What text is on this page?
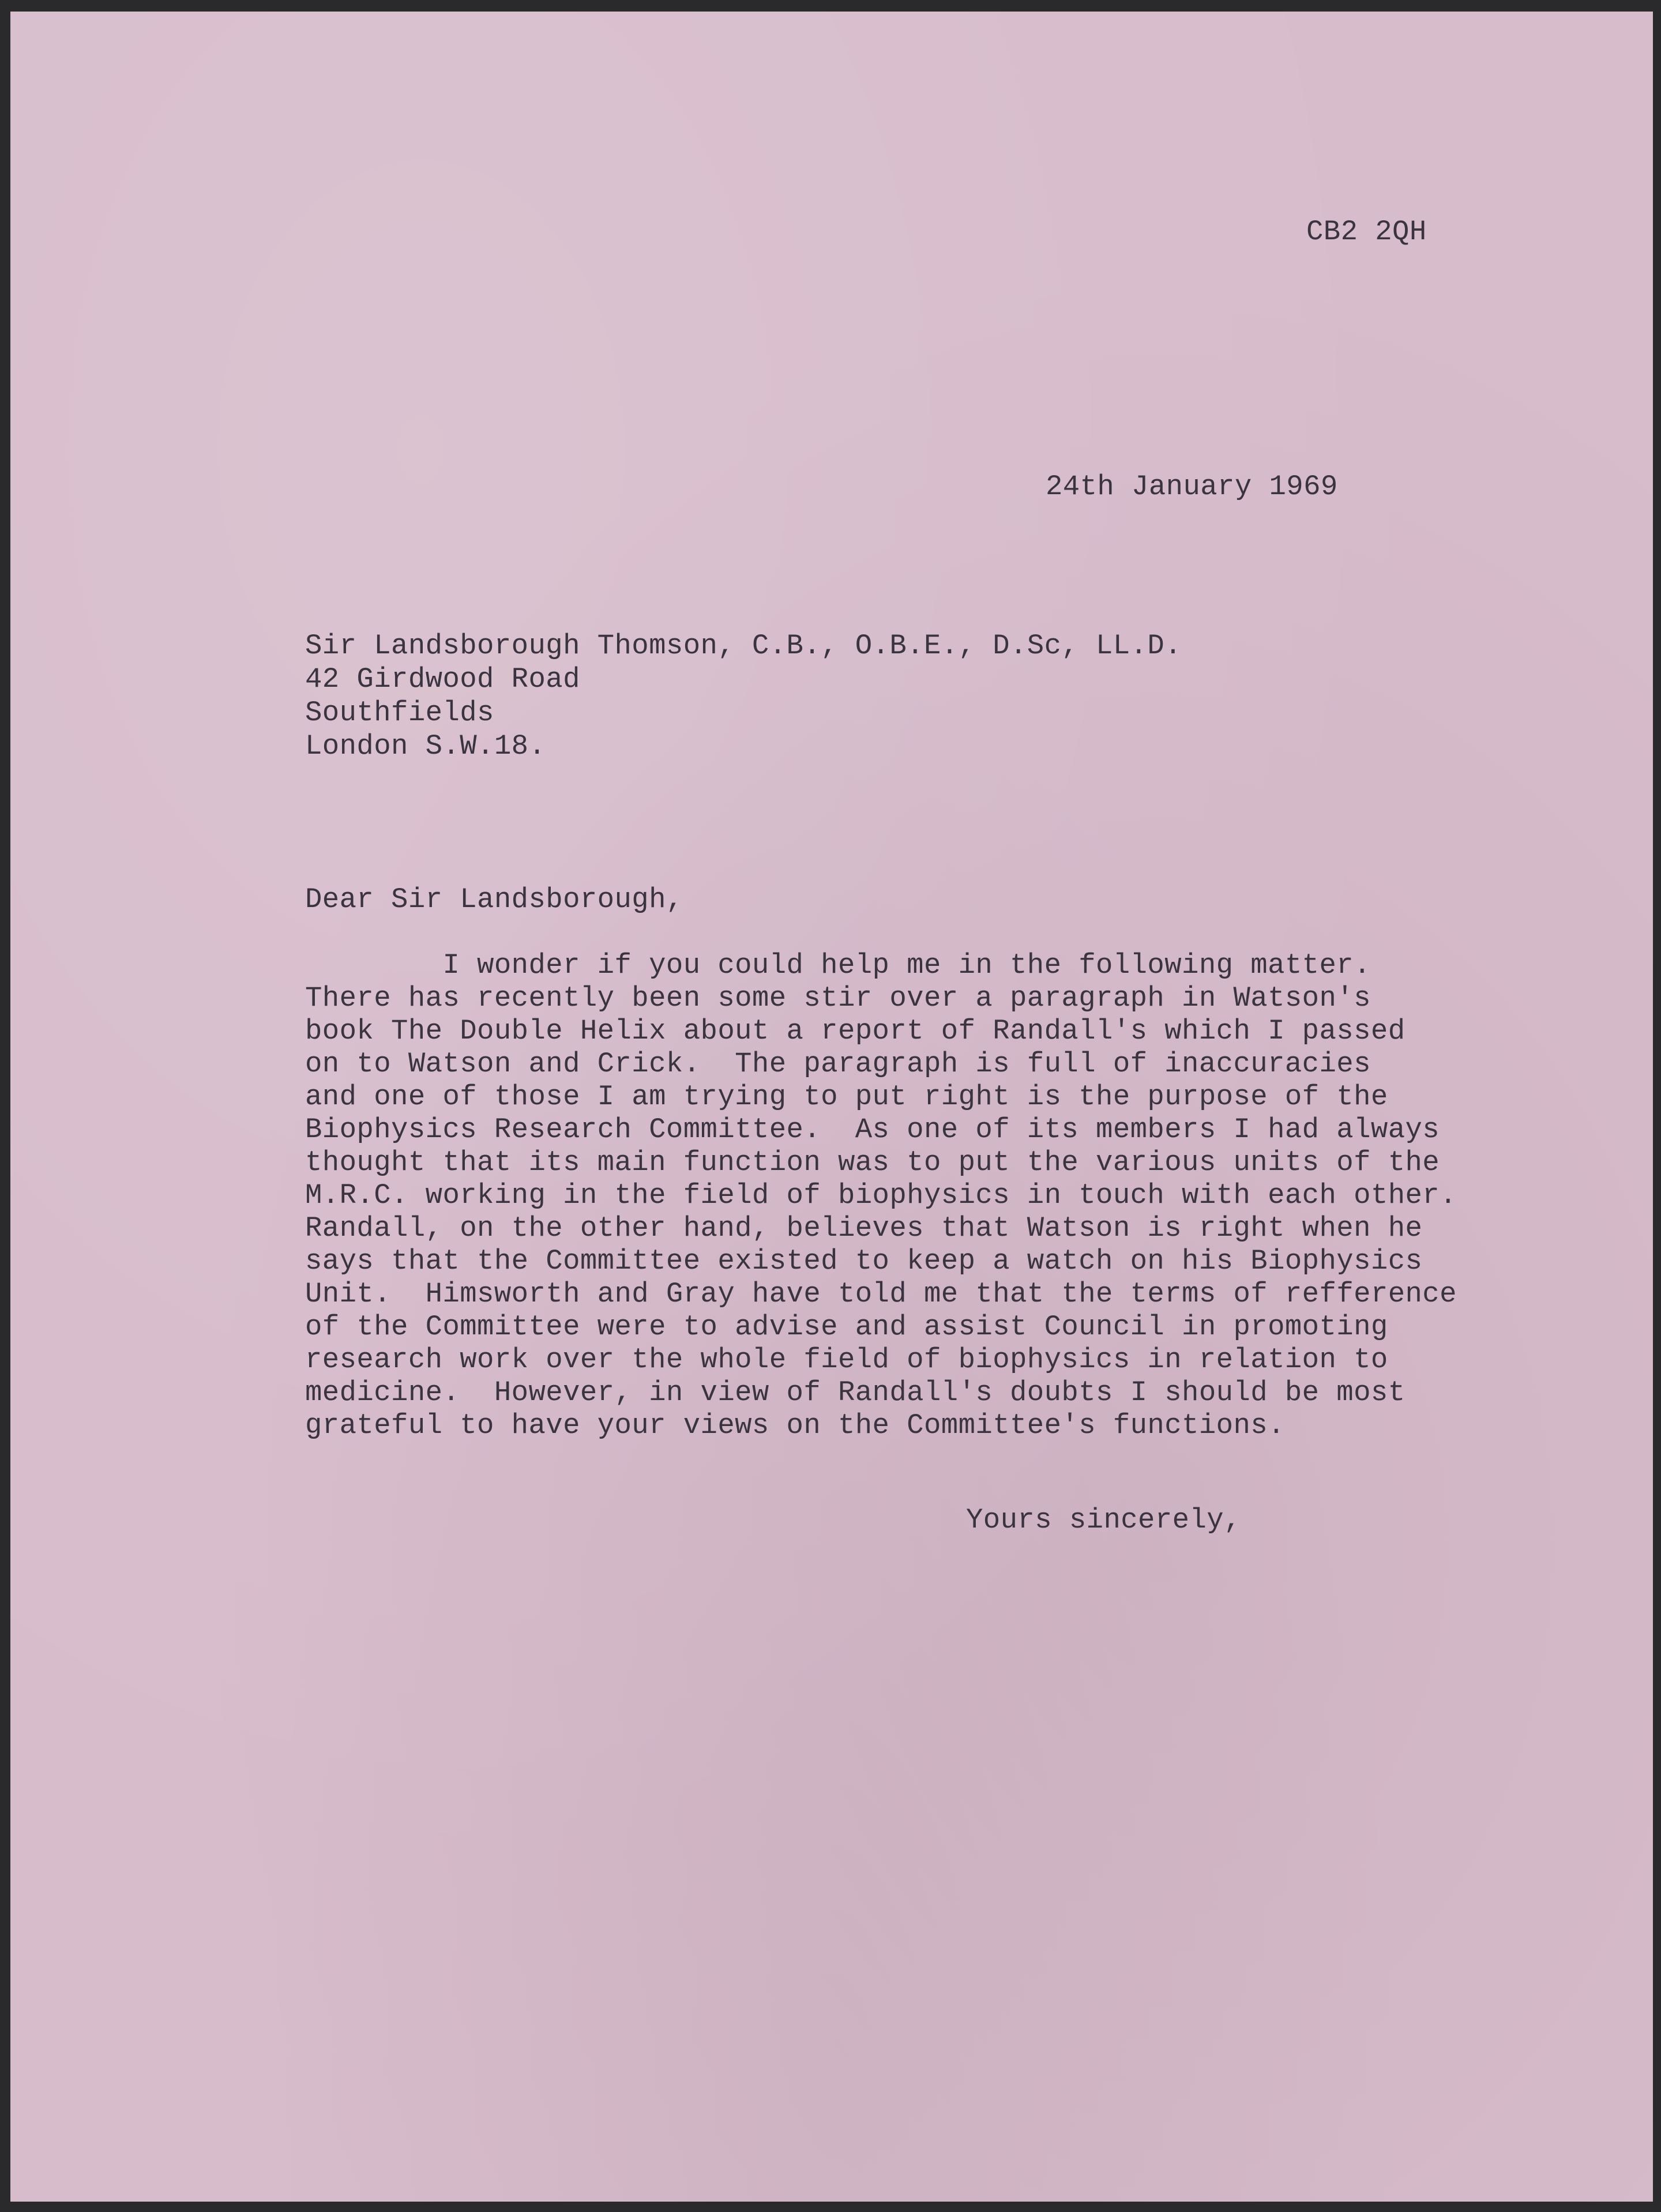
CB2 2QH
24th January 1969
Sir Landsborough Thomson, C.B., O.B.E., D.Sc, LL.D.
42 Girdwood Road
Southfields
London S.W.18.
Dear Sir Landsborough,
I wonder if you could help me in the following matter.
There has recently been some stir over a paragraph in Watson's
book The Double Helix about a report of Randall's which I passed
on to Watson and Crick.  The paragraph is full of inaccuracies
and one of those I am trying to put right is the purpose of the
Biophysics Research Committee.  As one of its members I had always
thought that its main function was to put the various units of the
M.R.C. working in the field of biophysics in touch with each other.
Randall, on the other hand, believes that Watson is right when he
says that the Committee existed to keep a watch on his Biophysics
Unit.  Himsworth and Gray have told me that the terms of refference
of the Committee were to advise and assist Council in promoting
research work over the whole field of biophysics in relation to
medicine.  However, in view of Randall's doubts I should be most
grateful to have your views on the Committee's functions.
Yours sincerely,
